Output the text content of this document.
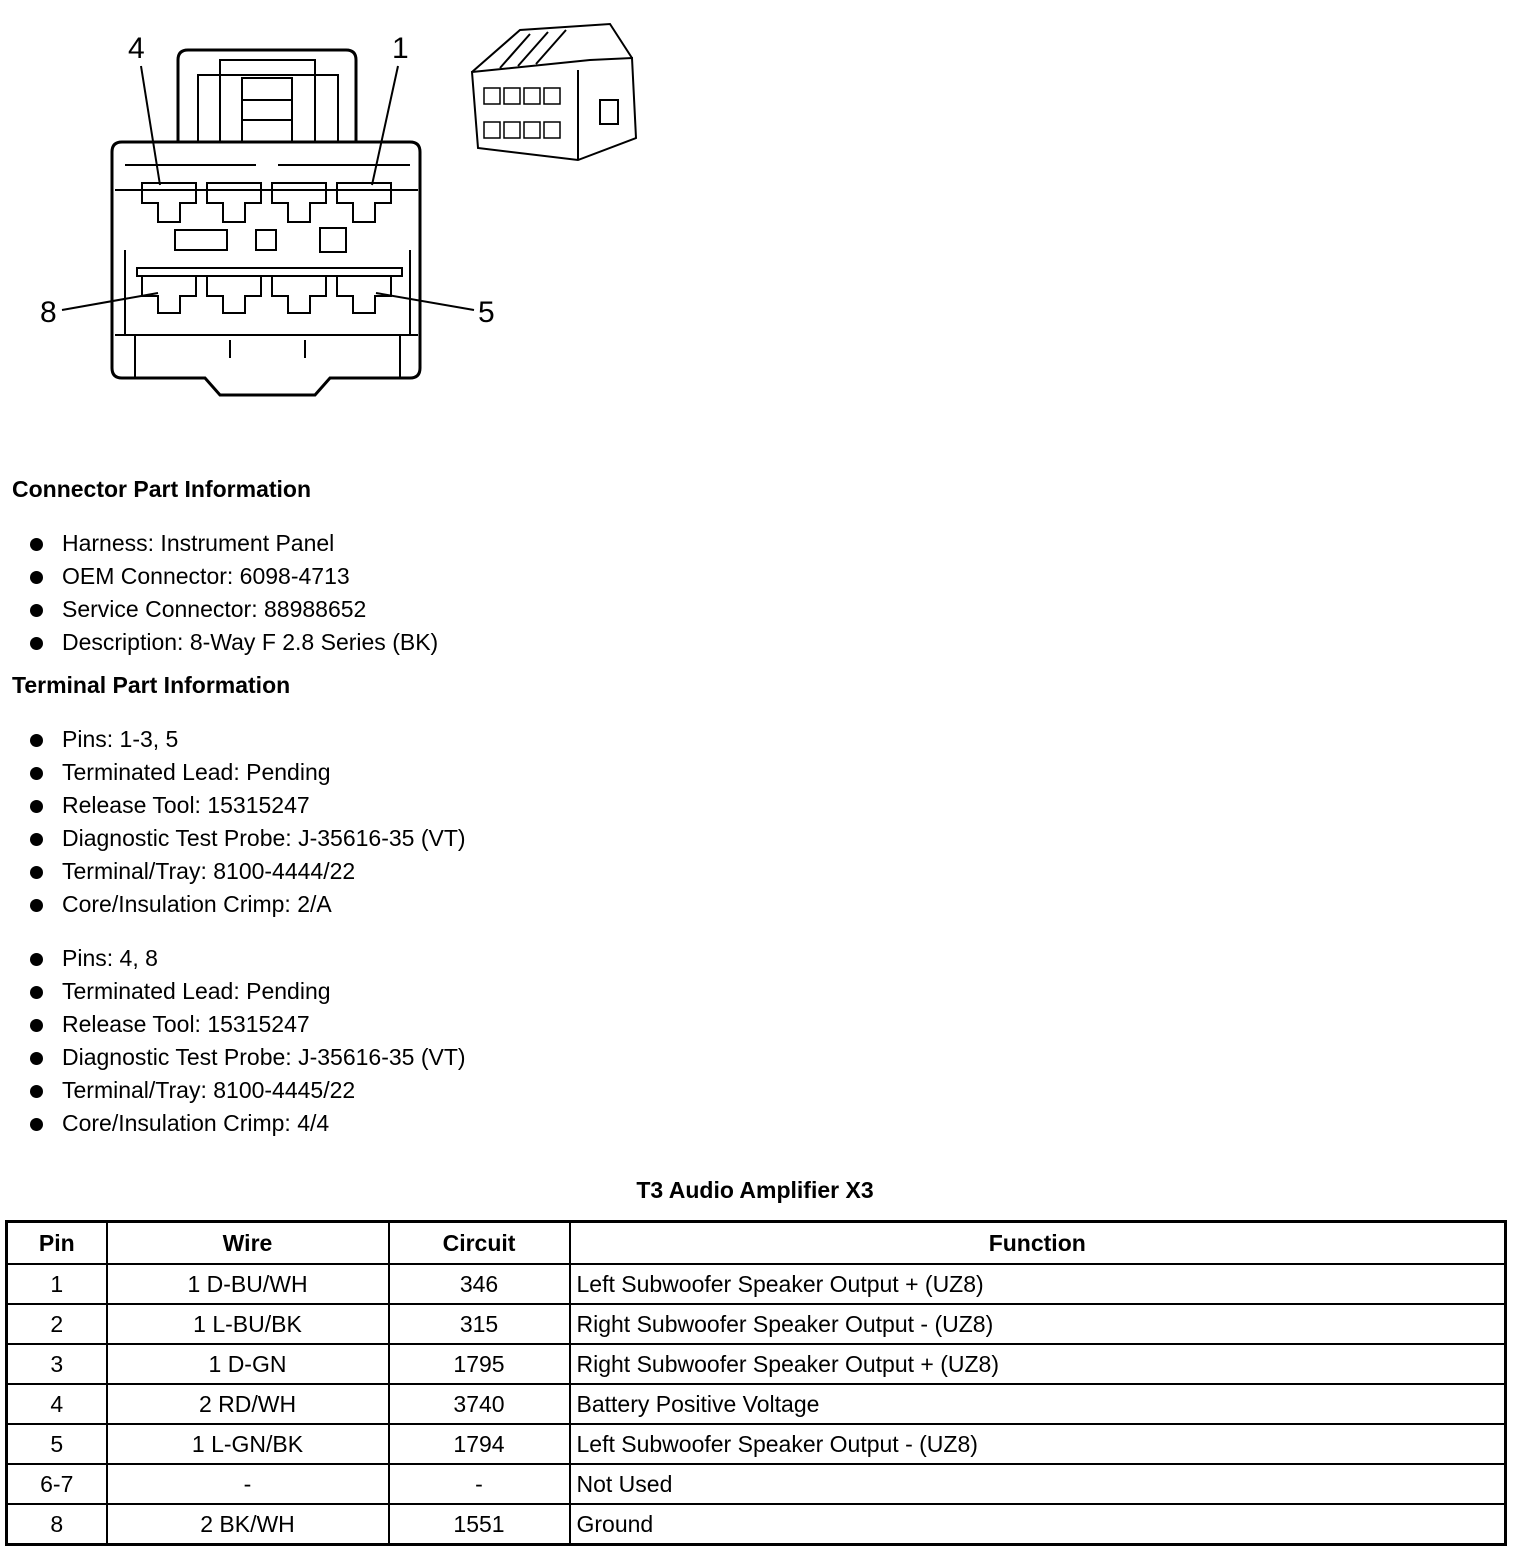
4	1
8	5
Connector Part Information
Harness: Instrument Panel
OEM Connector: 6098-4713
Service Connector: 88988652
Description: 8-Way F 2.8 Series (BK)
Terminal Part Information
Pins: 1-3, 5
Terminated Lead: Pending
Release Tool: 15315247
Diagnostic Test Probe: J-35616-35 (VT)
Terminal/Tray: 8100-4444/22
Core/Insulation Crimp: 2/A
Pins: 4, 8
Terminated Lead: Pending
Release Tool: 15315247
Diagnostic Test Probe: J-35616-35 (VT)
Terminal/Tray: 8100-4445/22
Core/Insulation Crimp: 4/4
T3 Audio Amplifier X3
Pin	Wire	Circuit	Function
1	1 D-BU/WH	346	Left Subwoofer Speaker Output + (UZ8)
2	1 L-BU/BK	315	Right Subwoofer Speaker Output - (UZ8)
3	1 D-GN	1795	Right Subwoofer Speaker Output + (UZ8)
4	2 RD/WH	3740	Battery Positive Voltage
5	1 L-GN/BK	1794	Left Subwoofer Speaker Output - (UZ8)
6-7	-	-	Not Used
8	2 BK/WH	1551	Ground
